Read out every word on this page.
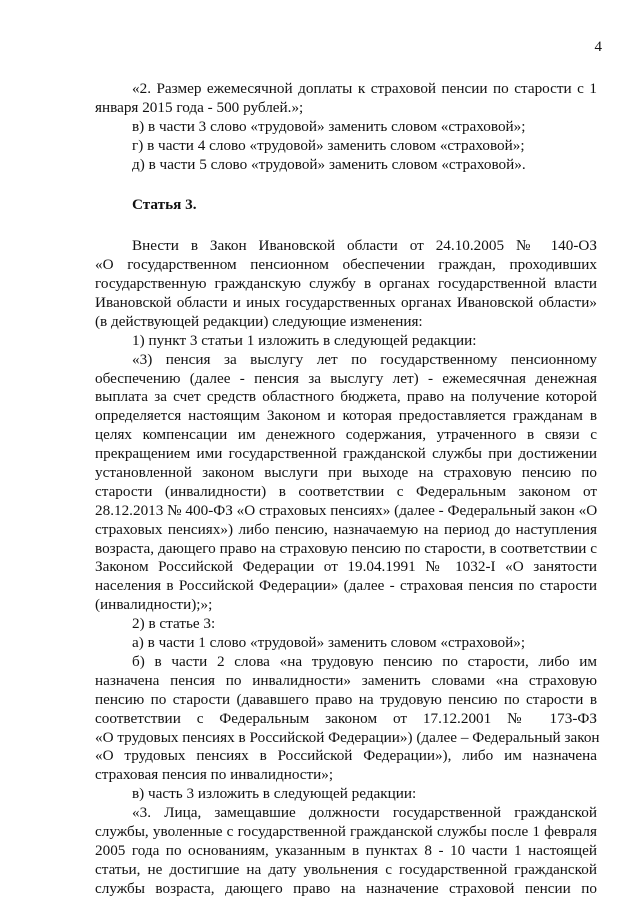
4
«2. Размер ежемесячной доплаты к страховой пенсии по старости с 1
января 2015 года - 500 рублей.»;
в) в части 3 слово «трудовой» заменить словом «страховой»;
г) в части 4 слово «трудовой» заменить словом «страховой»;
д) в части 5 слово «трудовой» заменить словом «страховой».
Статья 3.
Внести в Закон Ивановской области от 24.10.2005 № 140-ОЗ
«О государственном пенсионном обеспечении граждан, проходивших
государственную гражданскую службу в органах государственной власти
Ивановской области и иных государственных органах Ивановской области»
(в действующей редакции) следующие изменения:
1) пункт 3 статьи 1 изложить в следующей редакции:
«3) пенсия за выслугу лет по государственному пенсионному
обеспечению (далее - пенсия за выслугу лет) - ежемесячная денежная
выплата за счет средств областного бюджета, право на получение которой
определяется настоящим Законом и которая предоставляется гражданам в
целях компенсации им денежного содержания, утраченного в связи с
прекращением ими государственной гражданской службы при достижении
установленной законом выслуги при выходе на страховую пенсию по
старости (инвалидности) в соответствии с Федеральным законом от
28.12.2013 № 400-ФЗ «О страховых пенсиях» (далее - Федеральный закон «О
страховых пенсиях») либо пенсию, назначаемую на период до наступления
возраста, дающего право на страховую пенсию по старости, в соответствии с
Законом Российской Федерации от 19.04.1991 № 1032-I «О занятости
населения в Российской Федерации» (далее - страховая пенсия по старости
(инвалидности);»;
2) в статье 3:
а) в части 1 слово «трудовой» заменить словом «страховой»;
б) в части 2 слова «на трудовую пенсию по старости, либо им
назначена пенсия по инвалидности» заменить словами «на страховую
пенсию по старости (дававшего право на трудовую пенсию по старости в
соответствии с Федеральным законом от 17.12.2001 № 173-ФЗ
«О трудовых пенсиях в Российской Федерации») (далее – Федеральный закон
«О трудовых пенсиях в Российской Федерации»), либо им назначена
страховая пенсия по инвалидности»;
в) часть 3 изложить в следующей редакции:
«3. Лица, замещавшие должности государственной гражданской
службы, уволенные с государственной гражданской службы после 1 февраля
2005 года по основаниям, указанным в пунктах 8 - 10 части 1 настоящей
статьи, не достигшие на дату увольнения с государственной гражданской
службы возраста, дающего право на назначение страховой пенсии по
